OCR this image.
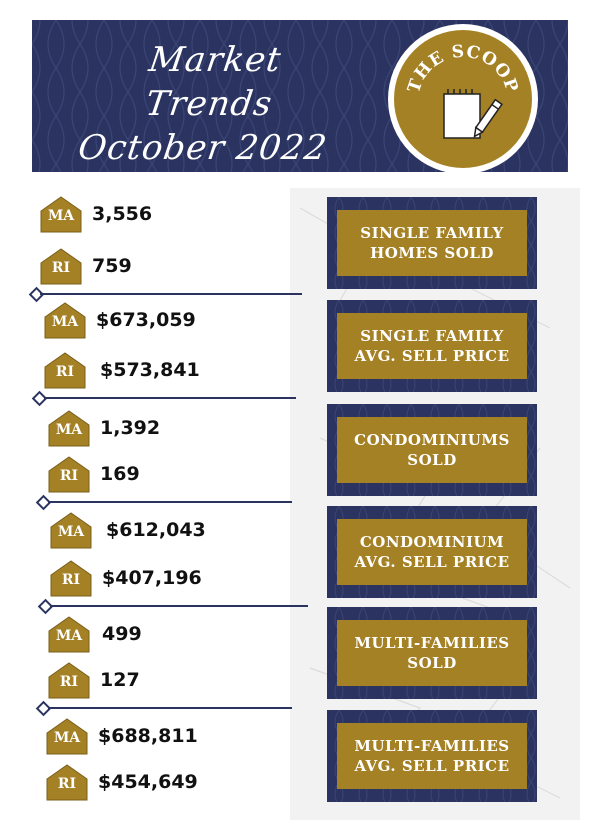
Market Trends
October 2022
THE SCOOP
MA 3,556
RI	759
MA $673,059
RI	$573,841
MA 1,392
RI	169
MA	$612,043
RI	$407,196
MA	499
RI	127
MA $688,811
RI	$454,649
SINGLE FAMILY
HOMES SOLD
SINGLE FAMILY
AVG. SELL PRICE
CONDOMINIUMS
SOLD
CONDOMINIUM
AVG. SELL PRICE
MULTI-FAMILIES
SOLD
MULTI-FAMILIES
AVG. SELL PRICE
